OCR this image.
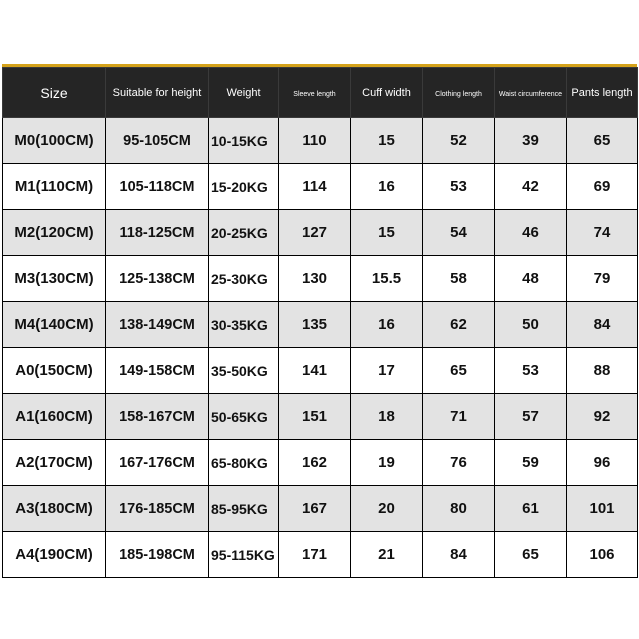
Size	Suitable for height	Weight	Sleeve length	Cuff width	Clothing length	Waist circumference	Pants length
M0(100CM)	95-105CM	10-15KG	110	15	52	39	65
M1(110CM)	105-118CM	15-20KG	114	16	53	42	69
M2(120CM)	118-125CM	20-25KG	127	15	54	46	74
M3(130CM)	125-138CM	25-30KG	130	15.5	58	48	79
M4(140CM)	138-149CM	30-35KG	135	16	62	50	84
A0(150CM)	149-158CM	35-50KG	141	17	65	53	88
A1(160CM)	158-167CM	50-65KG	151	18	71	57	92
A2(170CM)	167-176CM	65-80KG	162	19	76	59	96
A3(180CM)	176-185CM	85-95KG	167	20	80	61	101
A4(190CM)	185-198CM	95-115KG	171	21	84	65	106
